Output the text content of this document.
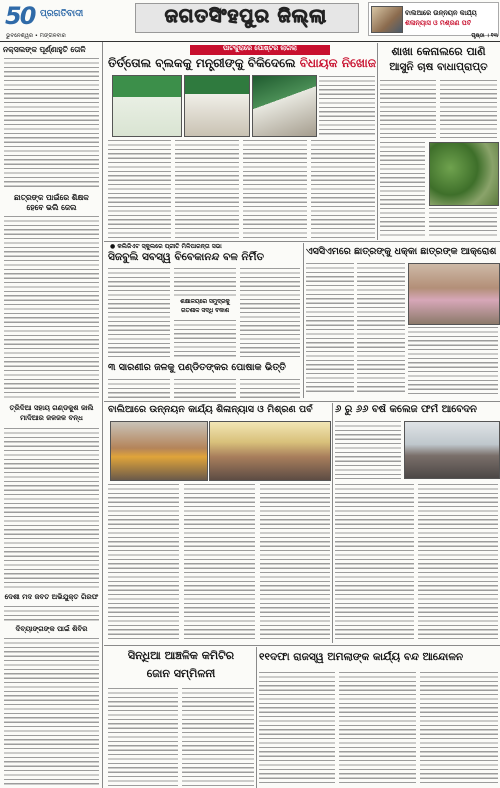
50 ପ୍ରଗତିବାଦୀ	ଜଗତସିଂହପୁର ଜିଲ୍ଲା	ବାଲିଆରେ ଉନ୍ନୟନ କାର୍ଯ୍ୟ
ଶିଳାନ୍ୟାସ ଓ ମିଶ୍ରଣ ପର୍ବ
ଭୁବନେଶ୍ୱର • ମଙ୍ଗଳବାର	ପୃଷ୍ଠା । ୧୩
ନକ୍ସଲଙ୍କ ପୂର୍ଣ୍ଣାହୁତି ତୋଳି
ଛାତ୍ରଙ୍କ ପାଇଁରେ ଶିକ୍ଷକ
ହେବେ ଭଲି ଜେଲ
ତ୍ରିଦିଆ ସହାୟ ଗଣ୍ଡକୁଶ ଜାଲି
ମାଦିଆର ଜଳଜଳ ବନ୍ଧ
ଦେଶୀ ମଦ ଜବତ ଅଭିଯୁକ୍ତ ଗିରଫ
ଦିବ୍ୟାଙ୍ଗଙ୍କ ପାଇଁ ଶିବିର
ପାଟକୁରାରେ ପୋଷ୍ଟର ଲାଗିଲା
ତିର୍ତ୍ତୋଲ ବ୍ଲକକୁ ମନ୍ତ୍ରୀଙ୍କୁ ବିକିଦେଲେ ବିଧାୟକ ନିଖୋଜ
ଶାଖା କେନାଲରେ ପାଣି
ଆସୁନି ଚାଷ ବାଧାପ୍ରାପ୍ତ
● କଲିଜିଏଟ ସ୍କୁଲରେ ପ୍ରୀତି ମିଳିପାରନ୍ତା ସଭା
ସିଜବୁଲି ସବସ୍ୱ ବିବେକାନନ୍ଦ ବଳ ନିର୍ମିତ
ଶିକ୍ଷାଳୟରେ ସମୁଦ୍ରକୁ
ଗତିଶୀଳ ସିଦ୍ଧି ବିକାଶ
୩ ସାରଣୀର ଜଳକୁ ପଣ୍ଡିତଙ୍କର ପୋଷାକ ଭିତ୍ତି
ଏସସିଏମରେ ଛାତ୍ରଙ୍କୁ ଧକ୍କା ଛାତ୍ରଙ୍କ ଆକ୍ରୋଶ
ବାଲିଆରେ ଉନ୍ନୟନ କାର୍ଯ୍ୟ ଶିଳାନ୍ୟାସ ଓ ମିଶ୍ରଣ ପର୍ବ	୬ ରୁ ୬୬ ବର୍ଷ କଲେଜ ଫର୍ମ ଆବେଦନ
ସିନ୍ଧିଆ ଆଞ୍ଚଳିକ କମିଟିର
ଜୋନ ସମ୍ମିଳନୀ
୧୧ଦଫା ରାଜସ୍ୱ ଅମଲାଙ୍କ କାର୍ଯ୍ୟ ବନ୍ଦ ଆନ୍ଦୋଳନ
